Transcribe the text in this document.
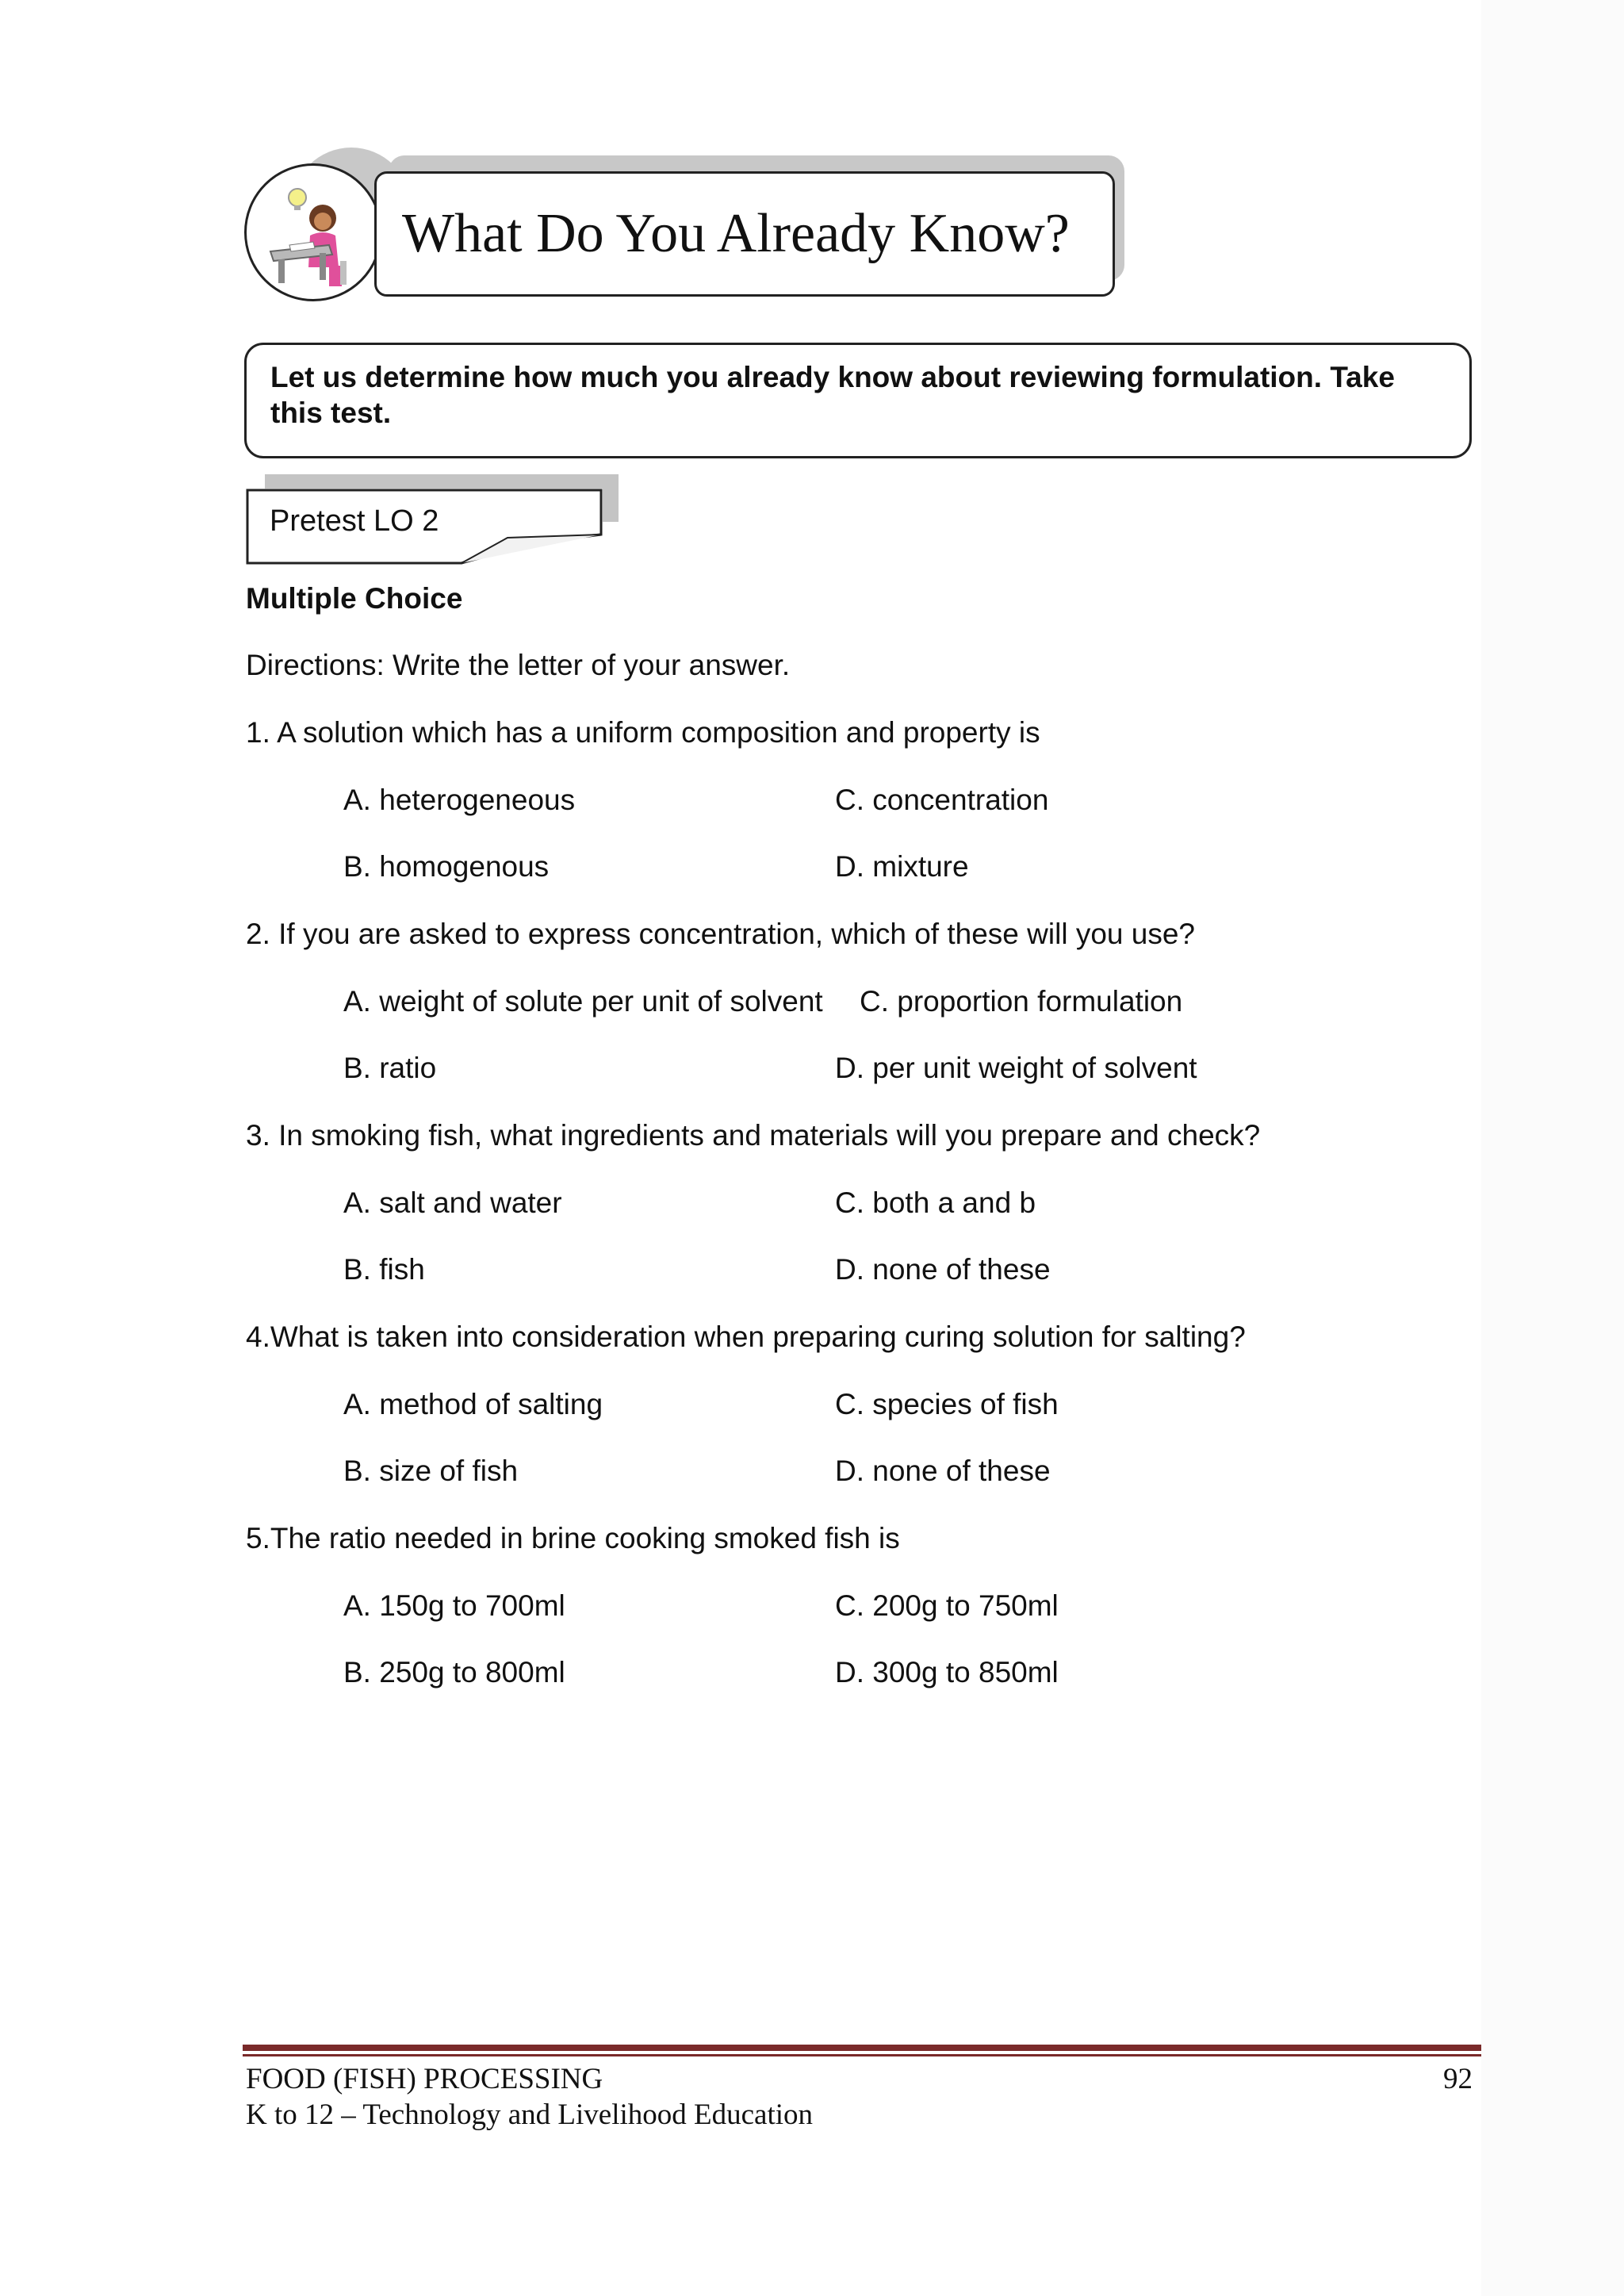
What Do You Already Know?
Let us determine how much you already know about reviewing formulation. Take this test.
Pretest LO 2
Multiple Choice
Directions: Write the letter of your answer.
1. A solution which has a uniform composition and property is
A. heterogeneous	C. concentration
B. homogenous	D. mixture
2. If you are asked to express concentration, which of these will you use?
A. weight of solute per unit of solvent C. proportion formulation
B. ratio	D. per unit weight of solvent
3. In smoking fish, what ingredients and materials will you prepare and check?
A. salt and water	C. both a and b
B. fish	D. none of these
4.What is taken into consideration when preparing curing solution for salting?
A. method of salting	C. species of fish
B. size of fish	D. none of these
5.The ratio needed in brine cooking smoked fish is
A. 150g to 700ml	C. 200g to 750ml
B. 250g to 800ml	D. 300g to 850ml
FOOD (FISH) PROCESSING
K to 12 – Technology and Livelihood Education
92
